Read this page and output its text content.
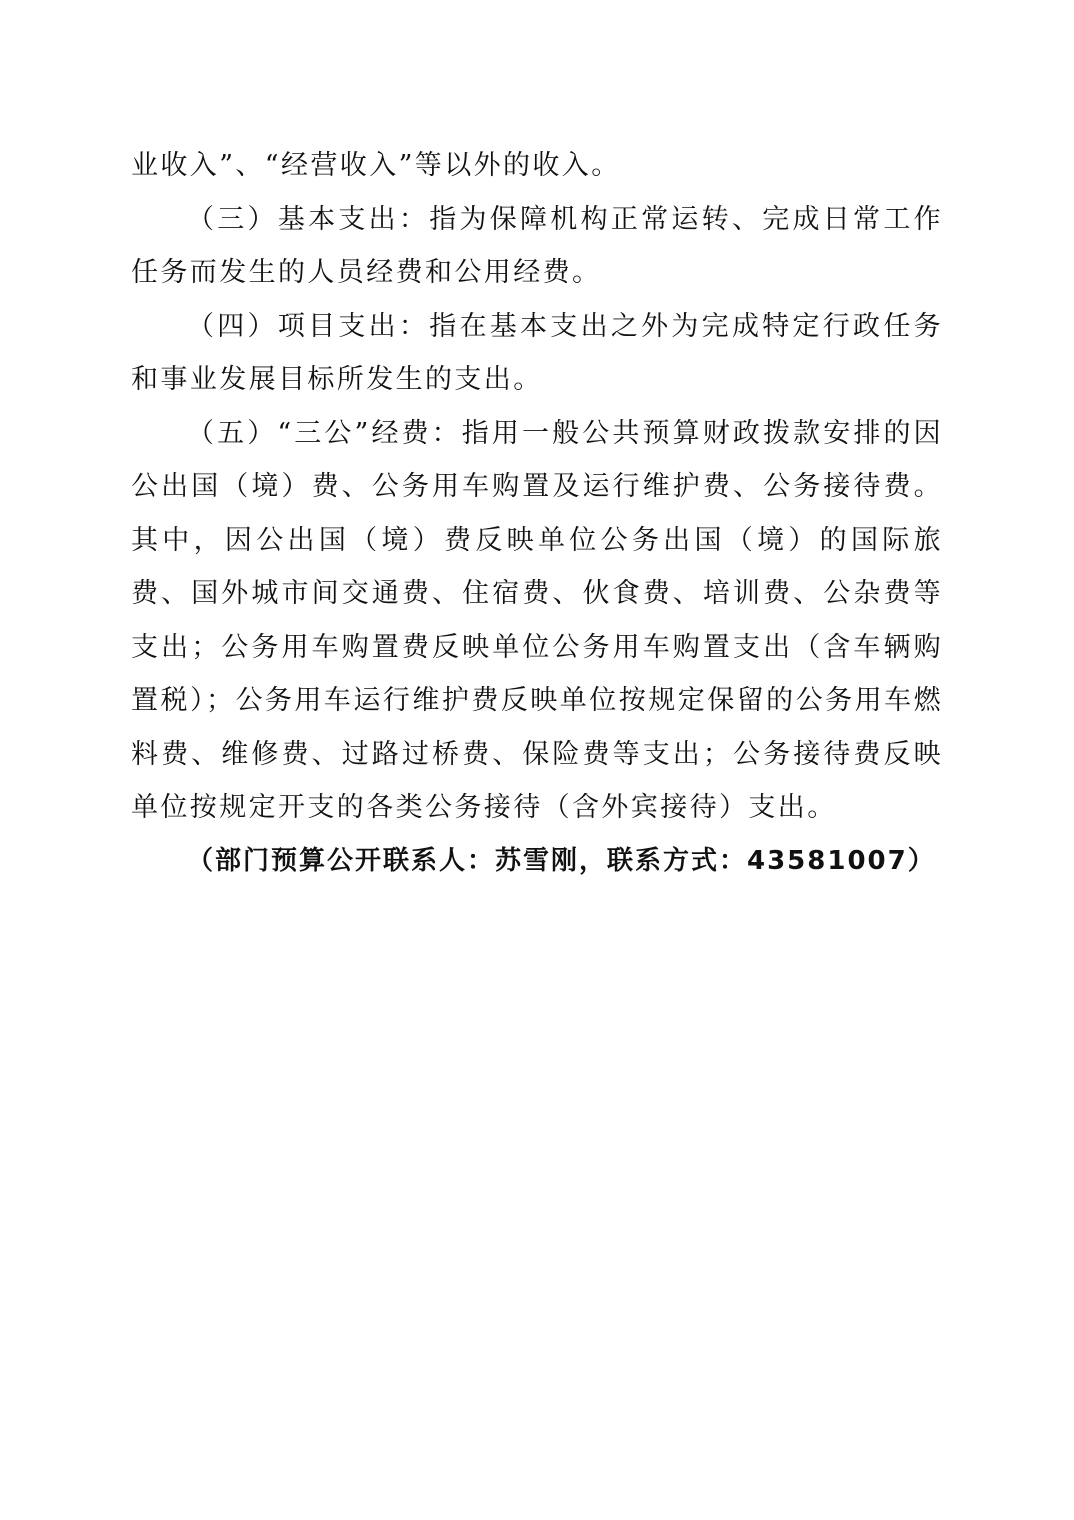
业收入”、“经营收入”等以外的收入。

（三）基本支出：指为保障机构正常运转、完成日常工作任务而发生的人员经费和公用经费。

（四）项目支出：指在基本支出之外为完成特定行政任务和事业发展目标所发生的支出。

（五）“三公”经费：指用一般公共预算财政拨款安排的因公出国（境）费、公务用车购置及运行维护费、公务接待费。其中，因公出国（境）费反映单位公务出国（境）的国际旅费、国外城市间交通费、住宿费、伙食费、培训费、公杂费等支出；公务用车购置费反映单位公务用车购置支出（含车辆购置税）；公务用车运行维护费反映单位按规定保留的公务用车燃料费、维修费、过路过桥费、保险费等支出；公务接待费反映单位按规定开支的各类公务接待（含外宾接待）支出。

（部门预算公开联系人：苏雪刚，联系方式：43581007）
